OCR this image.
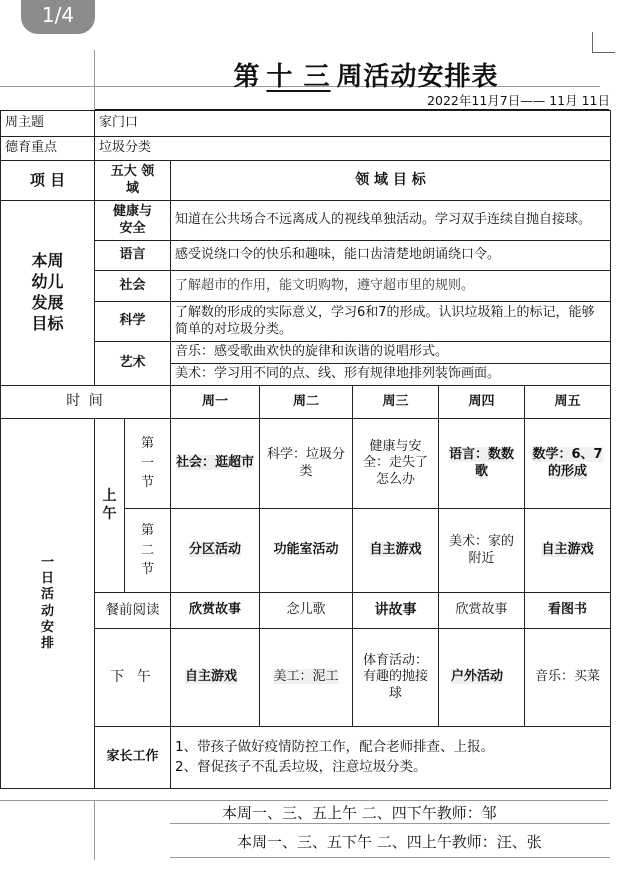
1/4
第 十 三 周活动安排表
2022年11月7日—— 11月 11日
周主题	家门口						
德育重点	垃圾分类						
项 目	五大 领域		领 域 目 标				
本周幼儿发展目标	健康与安全		知道在公共场合不远离成人的视线单独活动。学习双手连续自抛自接球。				
	语言		感受说绕口令的快乐和趣味，能口齿清楚地朗诵绕口令。				
	社会		了解超市的作用，能文明购物，遵守超市里的规则。				
	科学		了解数的形成的实际意义，学习6和7的形成。认识垃圾箱上的标记，能够简单的对垃圾分类。				
	艺术		音乐：感受歌曲欢快的旋律和诙谐的说唱形式。				
			美术：学习用不同的点、线、形有规律地排列装饰画面。				
时 间			周一	周二	周三	周四	周五
一日活动安排	上午	第一节	社会：逛超市	科学：垃圾分类	健康与安全：走失了怎么办	语言：数数歌	数学：6、7的形成
		第二节	分区活动	功能室活动	自主游戏	美术：家的附近	自主游戏
	餐前阅读		欣赏故事	念儿歌	讲故事	欣赏故事	看图书
	下 午		自主游戏	美工：泥工	体育活动：有趣的抛接球	户外活动	音乐：买菜
	家长工作		1、带孩子做好疫情防控工作，配合老师排查、上报。
2、督促孩子不乱丢垃圾，注意垃圾分类。				
本周一、三、五上午 二、四下午教师：邹
本周一、三、五下午 二、四上午教师：汪、张
